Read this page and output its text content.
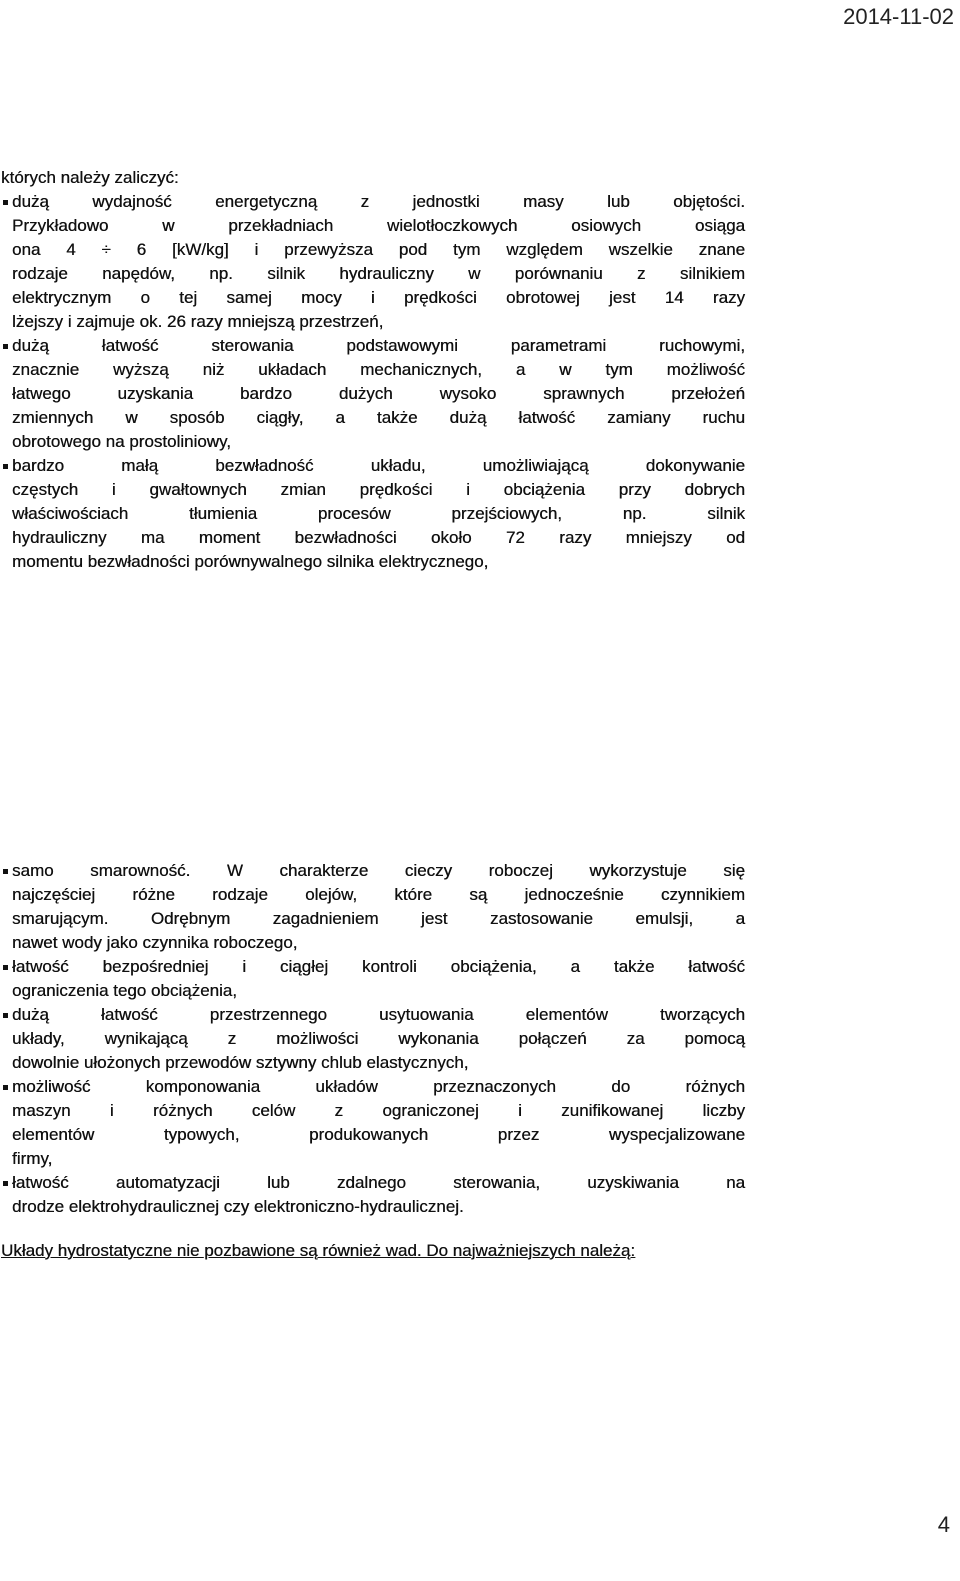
2014-11-02
których należy zaliczyć:
dużą wydajność energetyczną z jednostki masy lub objętości.
Przykładowo w przekładniach wielotłoczkowych osiowych osiąga
ona 4 ÷ 6 [kW/kg] i przewyższa pod tym względem wszelkie znane
rodzaje napędów, np. silnik hydrauliczny w porównaniu z silnikiem
elektrycznym o tej samej mocy i prędkości obrotowej jest 14 razy
lżejszy i zajmuje ok. 26 razy mniejszą przestrzeń,
dużą łatwość sterowania podstawowymi parametrami ruchowymi,
znacznie wyższą niż układach mechanicznych, a w tym możliwość
łatwego uzyskania bardzo dużych wysoko sprawnych przełożeń
zmiennych w sposób ciągły, a także dużą łatwość zamiany ruchu
obrotowego na prostoliniowy,
bardzo małą bezwładność układu, umożliwiającą dokonywanie
częstych i gwałtownych zmian prędkości i obciążenia przy dobrych
właściwościach tłumienia procesów przejściowych, np. silnik
hydrauliczny ma moment bezwładności około 72 razy mniejszy od
momentu bezwładności porównywalnego silnika elektrycznego,
samo smarowność. W charakterze cieczy roboczej wykorzystuje się
najczęściej różne rodzaje olejów, które są jednocześnie czynnikiem
smarującym. Odrębnym zagadnieniem jest zastosowanie emulsji, a
nawet wody jako czynnika roboczego,
łatwość bezpośredniej i ciągłej kontroli obciążenia, a także łatwość
ograniczenia tego obciążenia,
dużą łatwość przestrzennego usytuowania elementów tworzących
układy, wynikającą z możliwości wykonania połączeń za pomocą
dowolnie ułożonych przewodów sztywny chlub elastycznych,
możliwość komponowania układów przeznaczonych do różnych
maszyn i różnych celów z ograniczonej i zunifikowanej liczby
elementów typowych, produkowanych przez wyspecjalizowane
firmy,
łatwość automatyzacji lub zdalnego sterowania, uzyskiwania na
drodze elektrohydraulicznej czy elektroniczno-hydraulicznej.
Układy hydrostatyczne nie pozbawione są również wad. Do najważniejszych należą:
4
